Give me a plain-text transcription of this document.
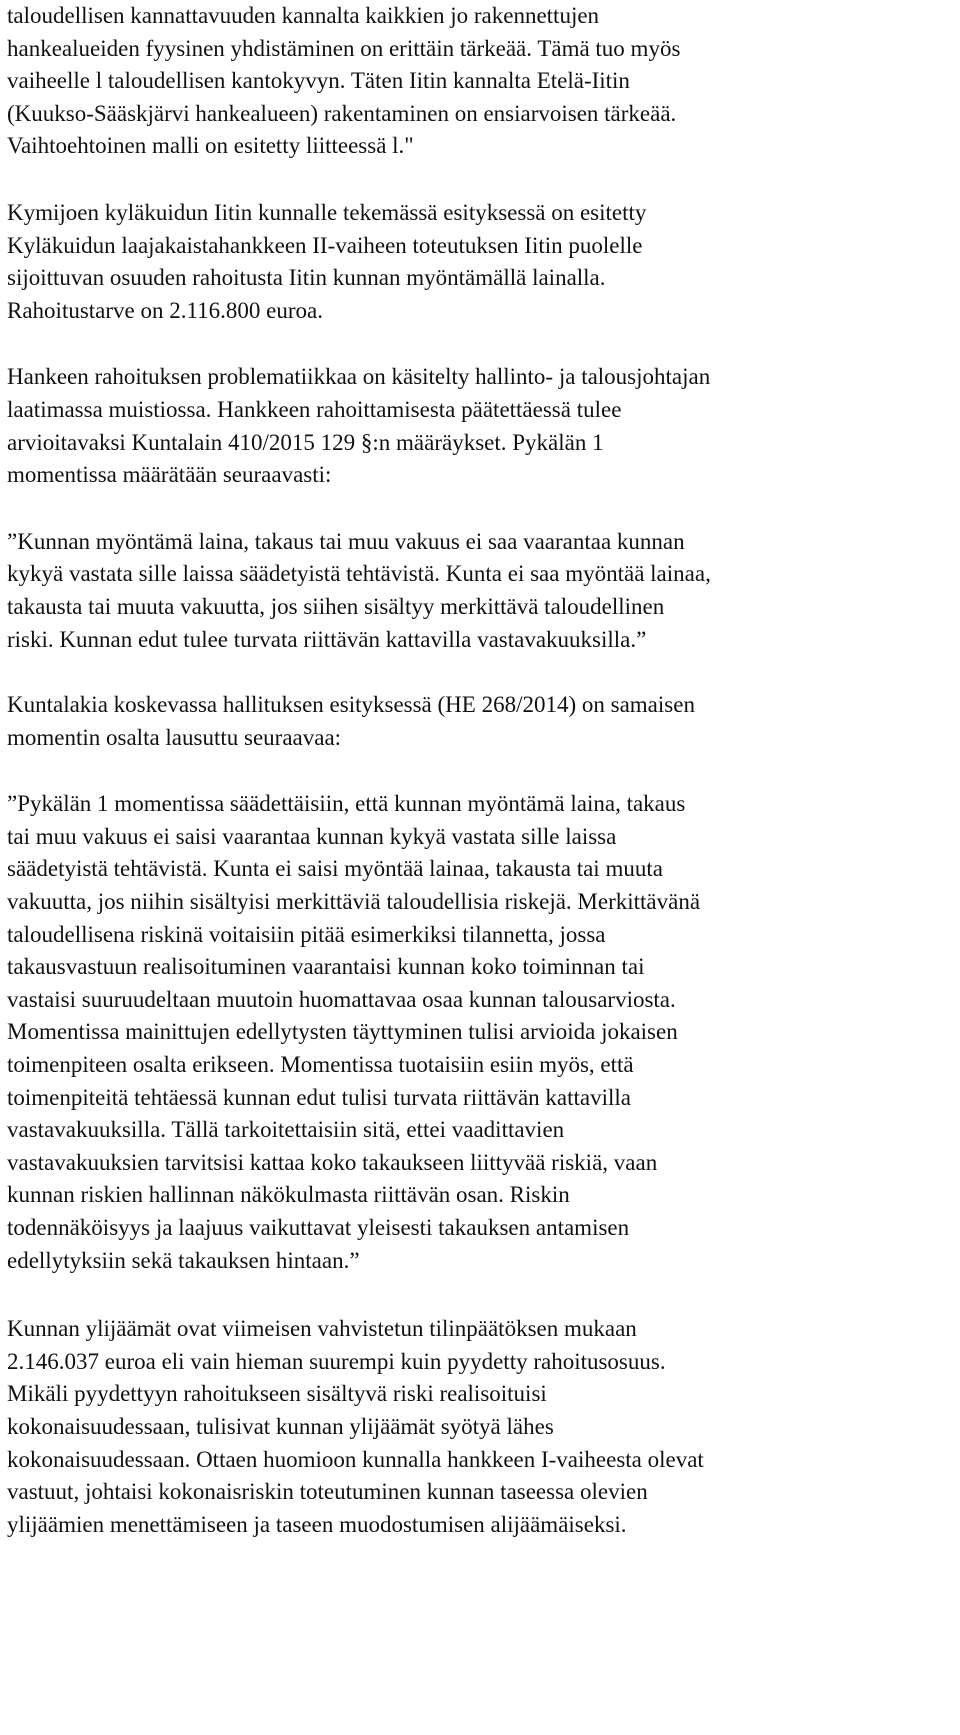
taloudellisen kannattavuuden kannalta kaikkien jo rakennettujen
hankealueiden fyysinen yhdistäminen on erittäin tärkeää. Tämä tuo myös
vaiheelle l taloudellisen kantokyvyn. Täten Iitin kannalta Etelä-Iitin
(Kuukso-Sääskjärvi hankealueen) rakentaminen on ensiarvoisen tärkeää.
Vaihtoehtoinen malli on esitetty liitteessä l."
Kymijoen kyläkuidun Iitin kunnalle tekemässä esityksessä on esitetty
Kyläkuidun laajakaistahankkeen II-vaiheen toteutuksen Iitin puolelle
sijoittuvan osuuden rahoitusta Iitin kunnan myöntämällä lainalla.
Rahoitustarve on 2.116.800 euroa.
Hankeen rahoituksen problematiikkaa on käsitelty hallinto- ja talousjohtajan
laatimassa muistiossa. Hankkeen rahoittamisesta päätettäessä tulee
arvioitavaksi Kuntalain 410/2015 129 §:n määräykset. Pykälän 1
momentissa määrätään seuraavasti:
”Kunnan myöntämä laina, takaus tai muu vakuus ei saa vaarantaa kunnan
kykyä vastata sille laissa säädetyistä tehtävistä. Kunta ei saa myöntää lainaa,
takausta tai muuta vakuutta, jos siihen sisältyy merkittävä taloudellinen
riski. Kunnan edut tulee turvata riittävän kattavilla vastavakuuksilla.”
Kuntalakia koskevassa hallituksen esityksessä (HE 268/2014) on samaisen
momentin osalta lausuttu seuraavaa:
”Pykälän 1 momentissa säädettäisiin, että kunnan myöntämä laina, takaus
tai muu vakuus ei saisi vaarantaa kunnan kykyä vastata sille laissa
säädetyistä tehtävistä. Kunta ei saisi myöntää lainaa, takausta tai muuta
vakuutta, jos niihin sisältyisi merkittäviä taloudellisia riskejä. Merkittävänä
taloudellisena riskinä voitaisiin pitää esimerkiksi tilannetta, jossa
takausvastuun realisoituminen vaarantaisi kunnan koko toiminnan tai
vastaisi suuruudeltaan muutoin huomattavaa osaa kunnan talousarviosta.
Momentissa mainittujen edellytysten täyttyminen tulisi arvioida jokaisen
toimenpiteen osalta erikseen. Momentissa tuotaisiin esiin myös, että
toimenpiteitä tehtäessä kunnan edut tulisi turvata riittävän kattavilla
vastavakuuksilla. Tällä tarkoitettaisiin sitä, ettei vaadittavien
vastavakuuksien tarvitsisi kattaa koko takaukseen liittyvää riskiä, vaan
kunnan riskien hallinnan näkökulmasta riittävän osan. Riskin
todennäköisyys ja laajuus vaikuttavat yleisesti takauksen antamisen
edellytyksiin sekä takauksen hintaan.”
Kunnan ylijäämät ovat viimeisen vahvistetun tilinpäätöksen mukaan
2.146.037 euroa eli vain hieman suurempi kuin pyydetty rahoitusosuus.
Mikäli pyydettyyn rahoitukseen sisältyvä riski realisoituisi
kokonaisuudessaan, tulisivat kunnan ylijäämät syötyä lähes
kokonaisuudessaan. Ottaen huomioon kunnalla hankkeen I-vaiheesta olevat
vastuut, johtaisi kokonaisriskin toteutuminen kunnan taseessa olevien
ylijäämien menettämiseen ja taseen muodostumisen alijäämäiseksi.
